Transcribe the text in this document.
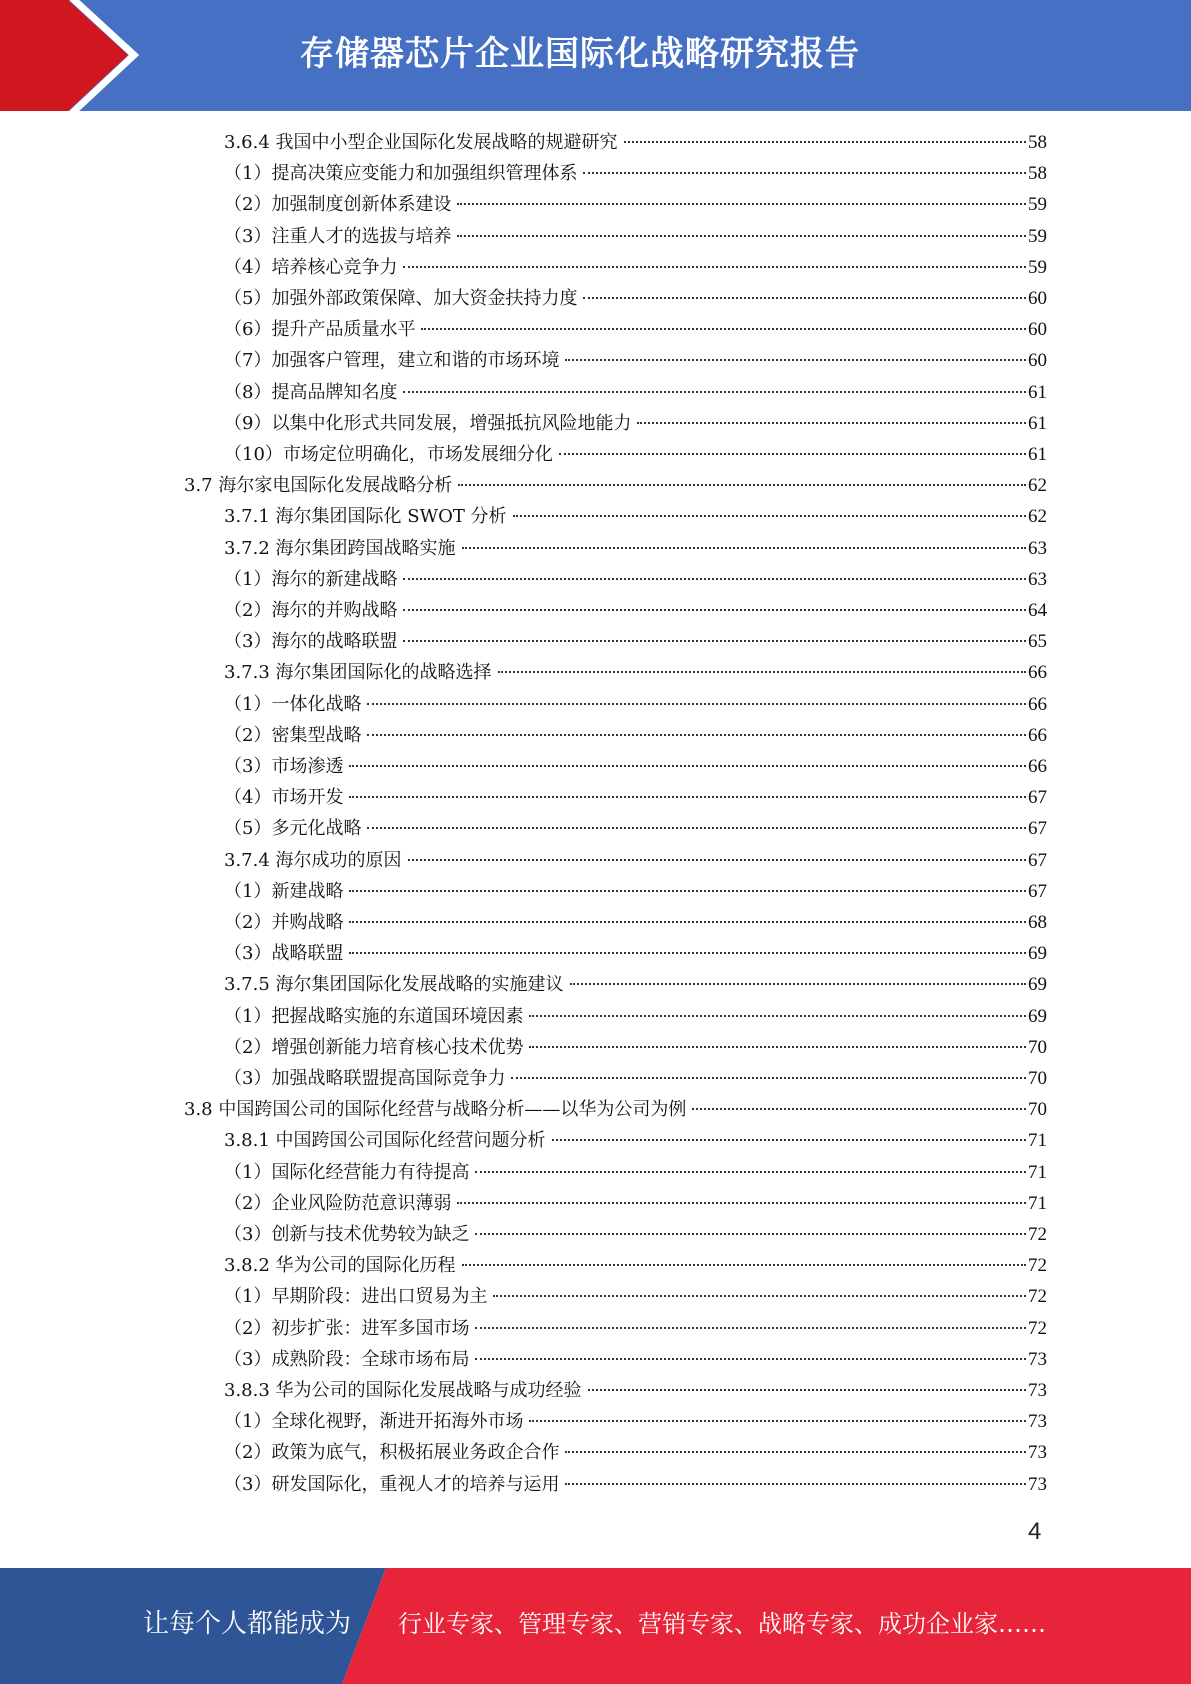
存储器芯片企业国际化战略研究报告
3.6.4 我国中小型企业国际化发展战略的规避研究	58
（1）提高决策应变能力和加强组织管理体系	58
（2）加强制度创新体系建设	59
（3）注重人才的选拔与培养	59
（4）培养核心竞争力	59
（5）加强外部政策保障、加大资金扶持力度	60
（6）提升产品质量水平	60
（7）加强客户管理，建立和谐的市场环境	60
（8）提高品牌知名度	61
（9）以集中化形式共同发展，增强抵抗风险地能力	61
（10）市场定位明确化，市场发展细分化	61
3.7 海尔家电国际化发展战略分析	62
3.7.1 海尔集团国际化 SWOT 分析	62
3.7.2 海尔集团跨国战略实施	63
（1）海尔的新建战略	63
（2）海尔的并购战略	64
（3）海尔的战略联盟	65
3.7.3 海尔集团国际化的战略选择	66
（1）一体化战略	66
（2）密集型战略	66
（3）市场渗透	66
（4）市场开发	67
（5）多元化战略	67
3.7.4 海尔成功的原因	67
（1）新建战略	67
（2）并购战略	68
（3）战略联盟	69
3.7.5 海尔集团国际化发展战略的实施建议	69
（1）把握战略实施的东道国环境因素	69
（2）增强创新能力培育核心技术优势	70
（3）加强战略联盟提高国际竞争力	70
3.8 中国跨国公司的国际化经营与战略分析——以华为公司为例	70
3.8.1 中国跨国公司国际化经营问题分析	71
（1）国际化经营能力有待提高	71
（2）企业风险防范意识薄弱	71
（3）创新与技术优势较为缺乏	72
3.8.2 华为公司的国际化历程	72
（1）早期阶段：进出口贸易为主	72
（2）初步扩张：进军多国市场	72
（3）成熟阶段：全球市场布局	73
3.8.3 华为公司的国际化发展战略与成功经验	73
（1）全球化视野，渐进开拓海外市场	73
（2）政策为底气，积极拓展业务政企合作	73
（3）研发国际化，重视人才的培养与运用	73
4
让每个人都能成为 行业专家、管理专家、营销专家、战略专家、成功企业家……
